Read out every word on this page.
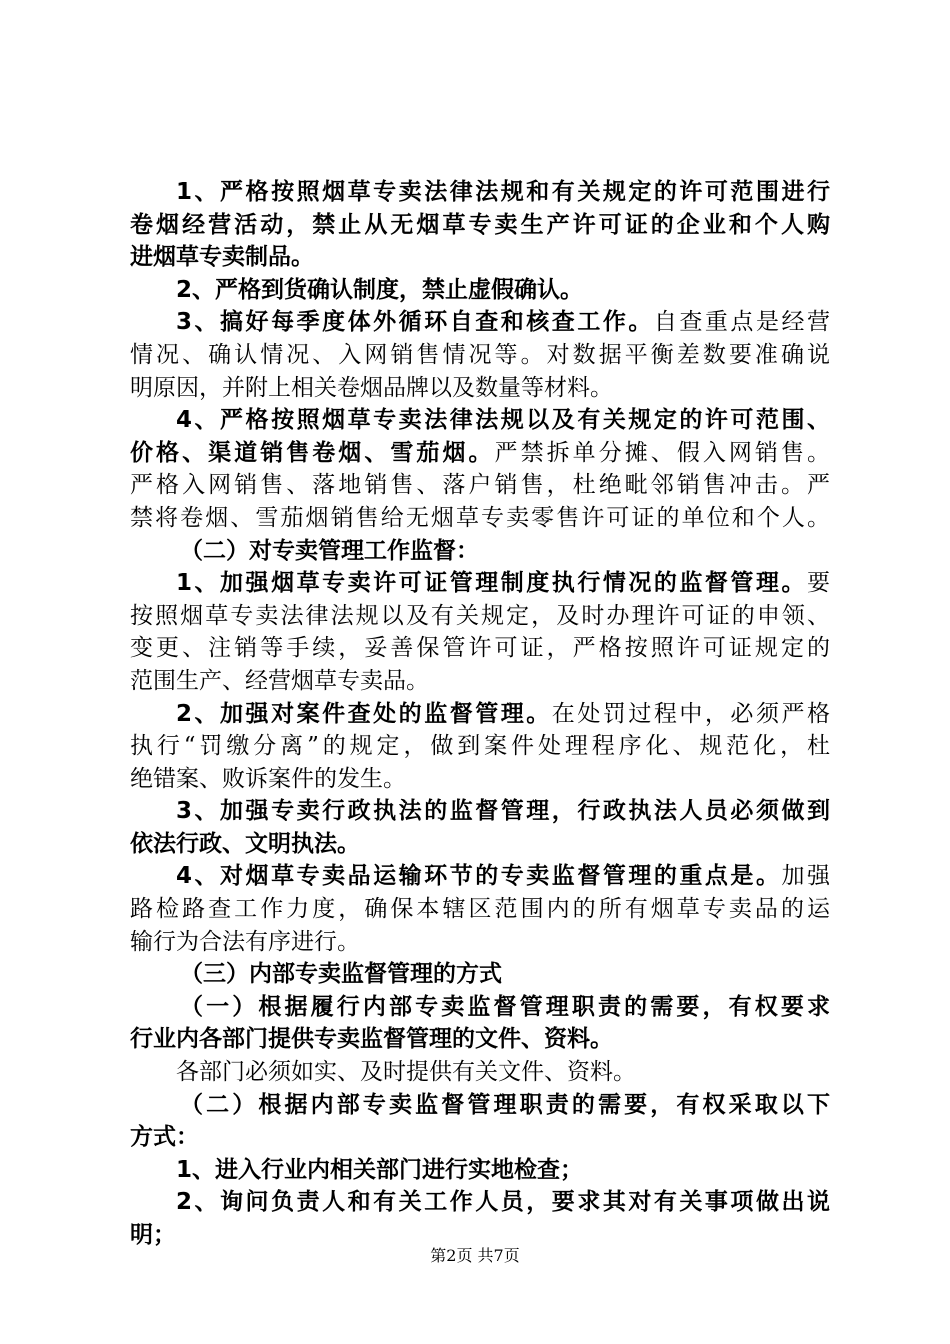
1、严格按照烟草专卖法律法规和有关规定的许可范围进行
卷烟经营活动，禁止从无烟草专卖生产许可证的企业和个人购
进烟草专卖制品。
2、严格到货确认制度，禁止虚假确认。
3、搞好每季度体外循环自查和核查工作。自查重点是经营
情况、确认情况、入网销售情况等。对数据平衡差数要准确说
明原因，并附上相关卷烟品牌以及数量等材料。
4、严格按照烟草专卖法律法规以及有关规定的许可范围、
价格、渠道销售卷烟、雪茄烟。严禁拆单分摊、假入网销售。
严格入网销售、落地销售、落户销售，杜绝毗邻销售冲击。严
禁将卷烟、雪茄烟销售给无烟草专卖零售许可证的单位和个人。
（二）对专卖管理工作监督：
1、加强烟草专卖许可证管理制度执行情况的监督管理。要
按照烟草专卖法律法规以及有关规定，及时办理许可证的申领、
变更、注销等手续，妥善保管许可证，严格按照许可证规定的
范围生产、经营烟草专卖品。
2、加强对案件查处的监督管理。在处罚过程中，必须严格
执行“罚缴分离”的规定，做到案件处理程序化、规范化，杜
绝错案、败诉案件的发生。
3、加强专卖行政执法的监督管理，行政执法人员必须做到
依法行政、文明执法。
4、对烟草专卖品运输环节的专卖监督管理的重点是。加强
路检路查工作力度，确保本辖区范围内的所有烟草专卖品的运
输行为合法有序进行。
（三）内部专卖监督管理的方式
（一）根据履行内部专卖监督管理职责的需要，有权要求
行业内各部门提供专卖监督管理的文件、资料。
各部门必须如实、及时提供有关文件、资料。
（二）根据内部专卖监督管理职责的需要，有权采取以下
方式：
1、进入行业内相关部门进行实地检查；
2、询问负责人和有关工作人员，要求其对有关事项做出说
明；
第2页 共7页
